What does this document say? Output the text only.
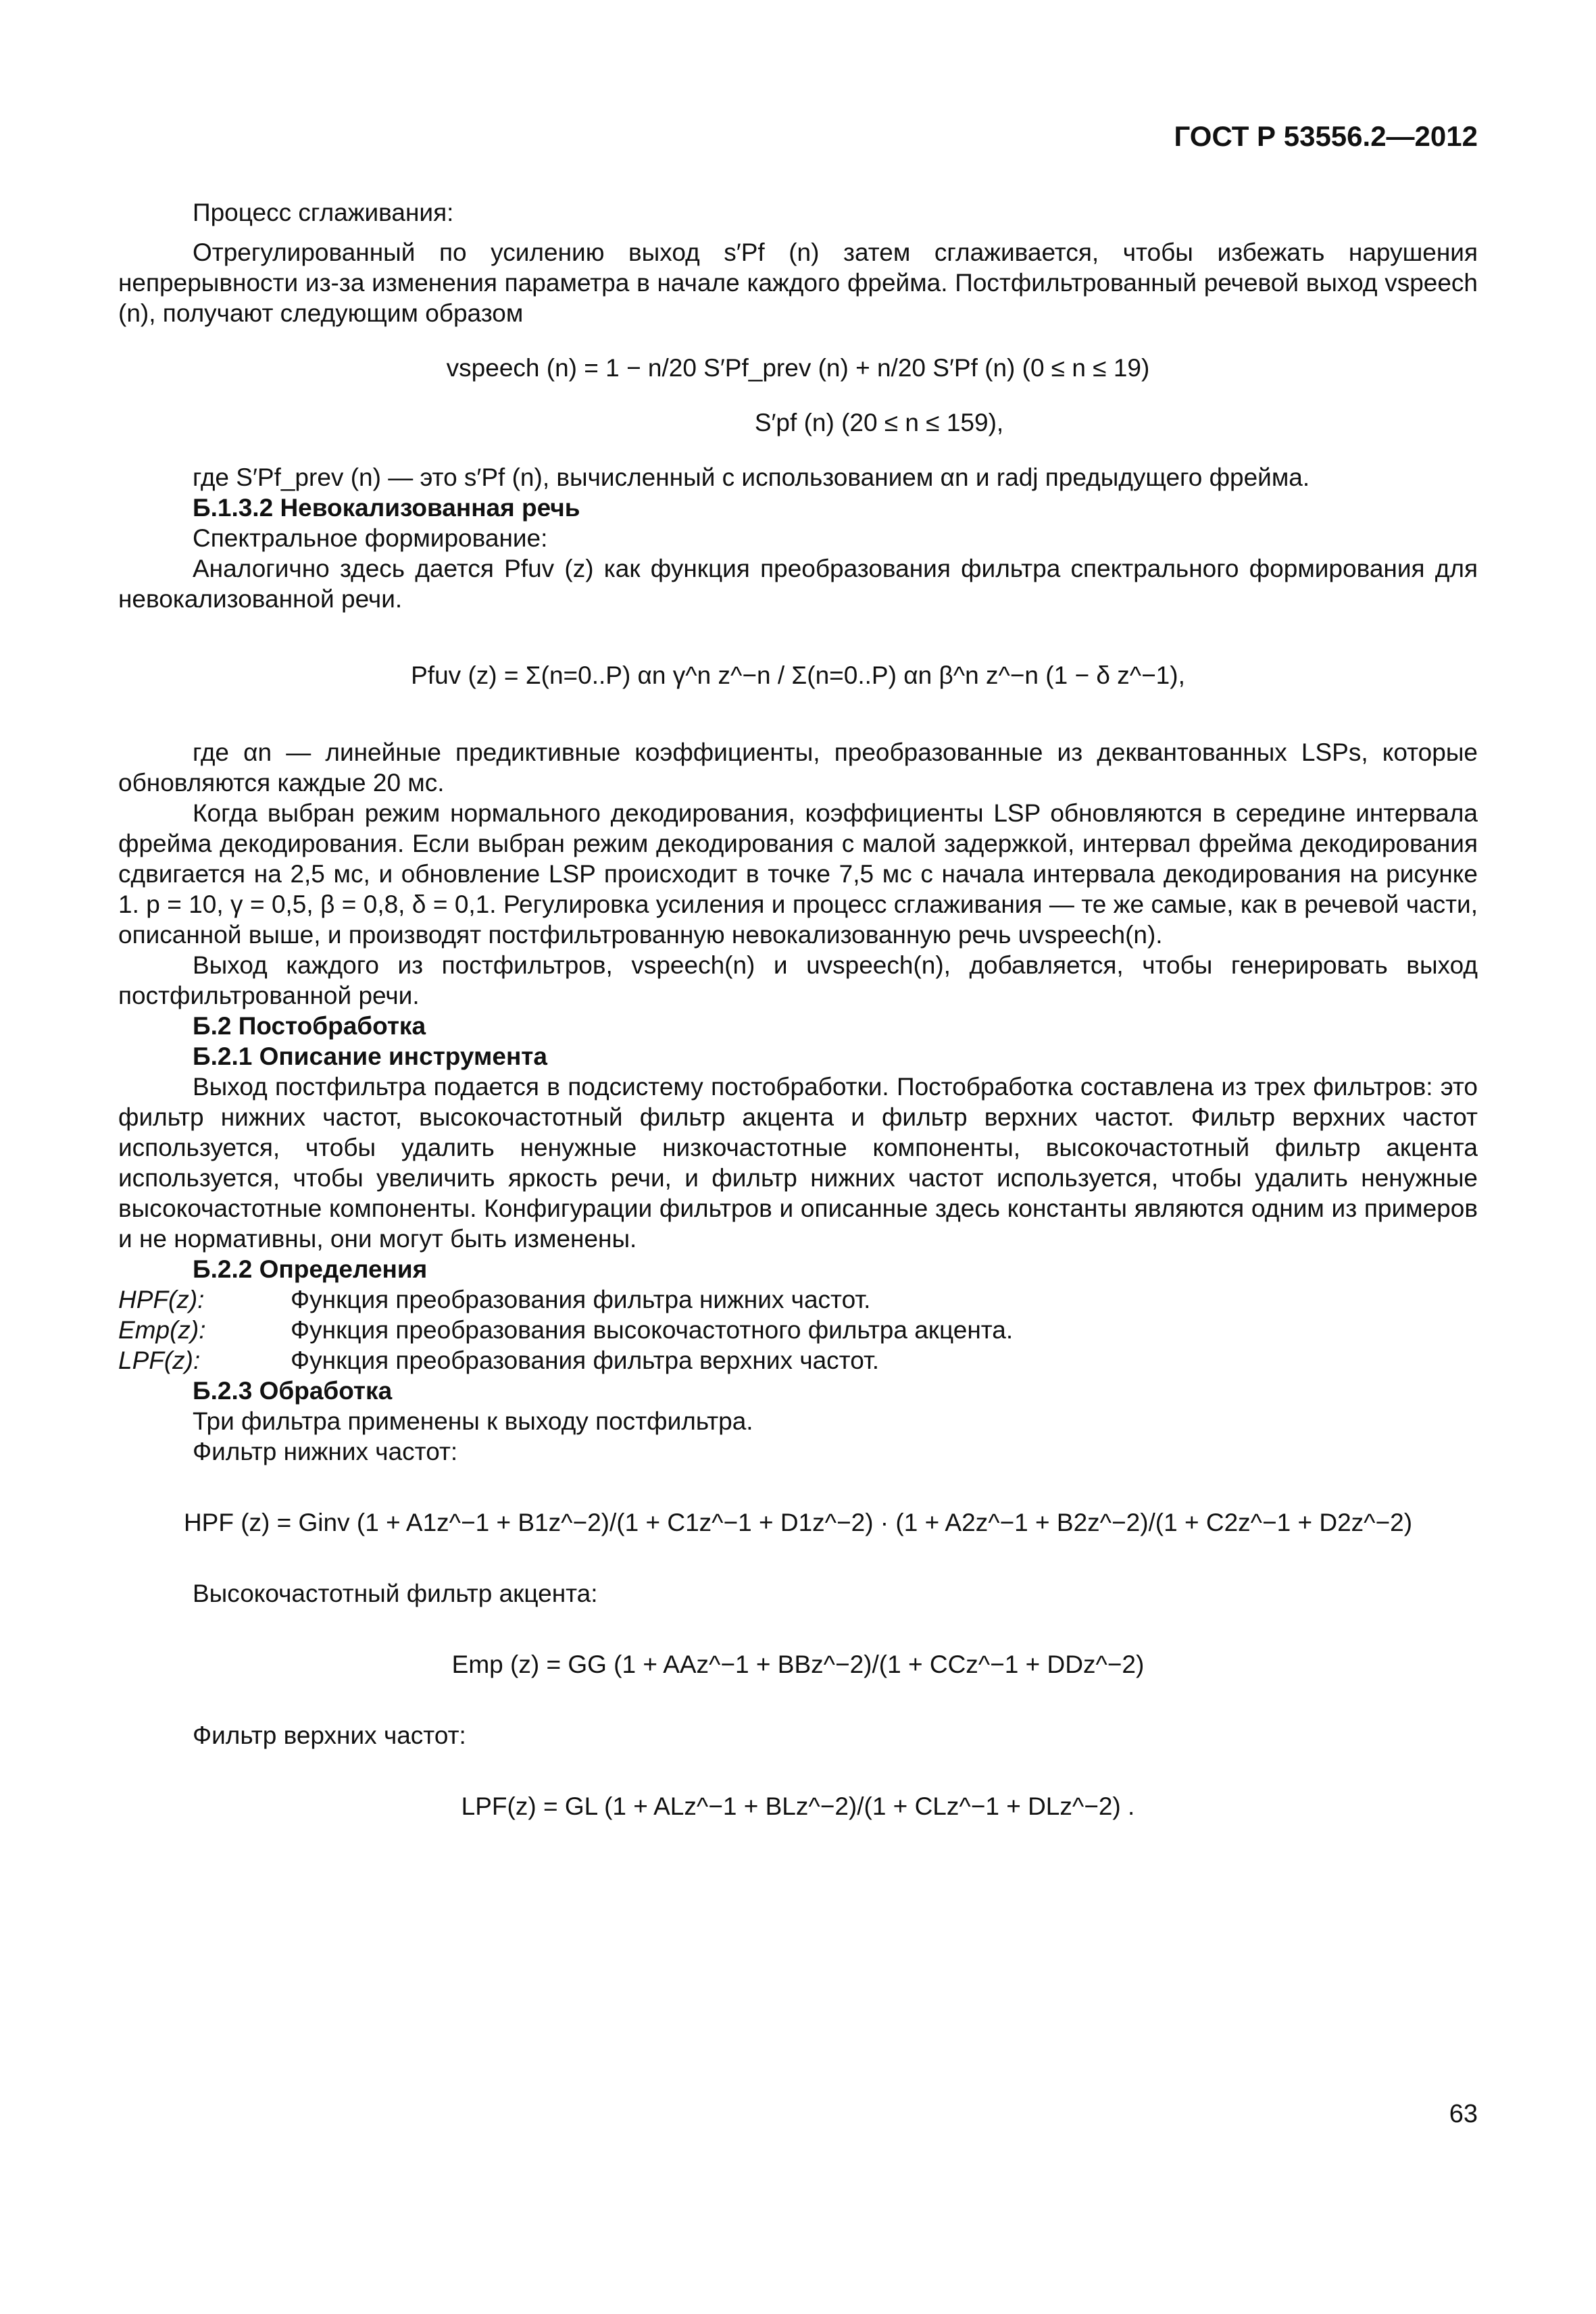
ГОСТ Р 53556.2—2012

Процесс сглаживания:

Отрегулированный по усилению выход s′Pf (n) затем сглаживается, чтобы избежать нарушения непрерывности из-за изменения параметра в начале каждого фрейма. Постфильтрованный речевой выход vspeech (n), получают следующим образом

vspeech (n) = 1 − n/20 S′Pf_prev (n) + n/20 S′Pf (n) (0 ≤ n ≤ 19)
S′pf (n) (20 ≤ n ≤ 159),

где S′Pf_prev (n) — это s′Pf (n), вычисленный с использованием αn и radj предыдущего фрейма.

Б.1.3.2 Невокализованная речь

Спектральное формирование:

Аналогично здесь дается Pfuv (z) как функция преобразования фильтра спектрального формирования для невокализованной речи.

Pfuv (z) = Σ(n=0..P) αn γ^n z^−n / Σ(n=0..P) αn β^n z^−n (1 − δ z^−1),

где αn — линейные предиктивные коэффициенты, преобразованные из деквантованных LSPs, которые обновляются каждые 20 мс.

Когда выбран режим нормального декодирования, коэффициенты LSP обновляются в середине интервала фрейма декодирования. Если выбран режим декодирования с малой задержкой, интервал фрейма декодирования сдвигается на 2,5 мс, и обновление LSP происходит в точке 7,5 мс с начала интервала декодирования на рисунке 1. p = 10, γ = 0,5, β = 0,8, δ = 0,1. Регулировка усиления и процесс сглаживания — те же самые, как в речевой части, описанной выше, и производят постфильтрованную невокализованную речь uvspeech(n).

Выход каждого из постфильтров, vspeech(n) и uvspeech(n), добавляется, чтобы генерировать выход постфильтрованной речи.

Б.2 Постобработка

Б.2.1 Описание инструмента

Выход постфильтра подается в подсистему постобработки. Постобработка составлена из трех фильтров: это фильтр нижних частот, высокочастотный фильтр акцента и фильтр верхних частот. Фильтр верхних частот используется, чтобы удалить ненужные низкочастотные компоненты, высокочастотный фильтр акцента используется, чтобы увеличить яркость речи, и фильтр нижних частот используется, чтобы удалить ненужные высокочастотные компоненты. Конфигурации фильтров и описанные здесь константы являются одним из примеров и не нормативны, они могут быть изменены.

Б.2.2 Определения

HPF(z):	Функция преобразования фильтра нижних частот.
Emp(z):	Функция преобразования высокочастотного фильтра акцента.
LPF(z):	Функция преобразования фильтра верхних частот.

Б.2.3 Обработка

Три фильтра применены к выходу постфильтра.

Фильтр нижних частот:

HPF (z) = Ginv (1 + A1z^−1 + B1z^−2)/(1 + C1z^−1 + D1z^−2) · (1 + A2z^−1 + B2z^−2)/(1 + C2z^−1 + D2z^−2)

Высокочастотный фильтр акцента:

Emp (z) = GG (1 + AAz^−1 + BBz^−2)/(1 + CCz^−1 + DDz^−2)

Фильтр верхних частот:

LPF(z) = GL (1 + ALz^−1 + BLz^−2)/(1 + CLz^−1 + DLz^−2) .
63
